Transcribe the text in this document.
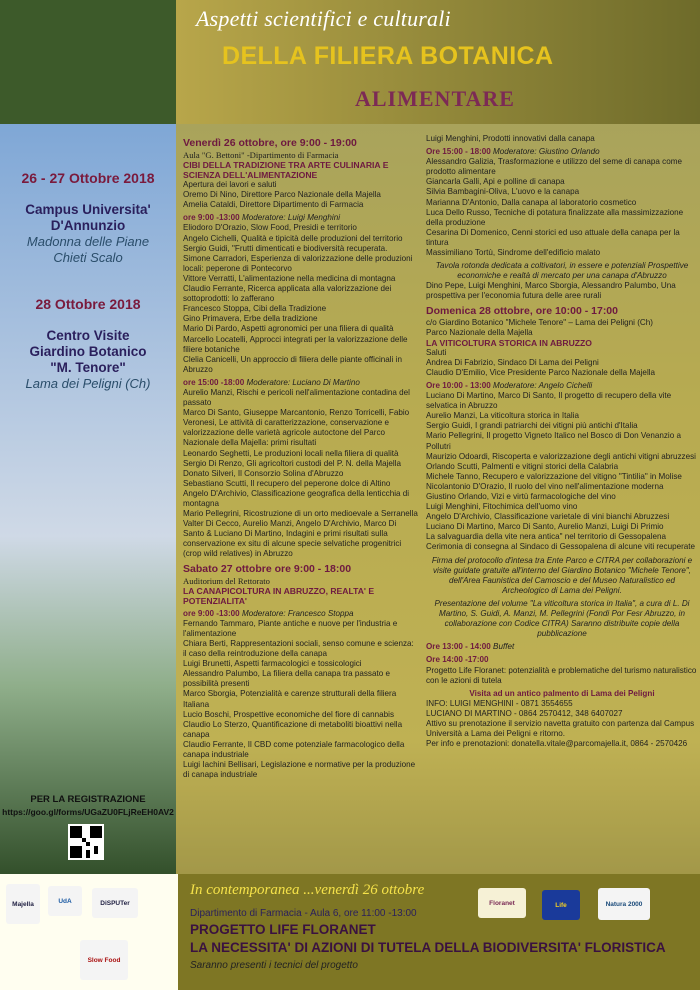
Aspetti scientifici e culturali
DELLA FILIERA BOTANICA
ALIMENTARE
26 - 27 Ottobre 2018
Campus Universita'
D'Annunzio
Madonna delle Piane
Chieti Scalo
28 Ottobre 2018
Centro Visite
Giardino Botanico
"M. Tenore"
Lama dei Peligni (Ch)
PER LA REGISTRAZIONE
https://goo.gl/forms/UGaZU0FLjReEH0AV2
Venerdì 26 ottobre, ore 9:00 - 19:00
Aula "G. Bettoni" -Dipartimento di Farmacia
CIBI DELLA TRADIZIONE TRA ARTE CULINARIA E SCIENZA DELL'ALIMENTAZIONE
Apertura dei lavori e saluti
Oremo Di Nino, Direttore Parco Nazionale della Majella
Amelia Cataldi, Direttore Dipartimento di Farmacia
ore 9:00 -13:00 Moderatore: Luigi Menghini
Eliodoro D'Orazio, Slow Food, Presidi e territorio
Angelo Cichelli, Qualità e tipicità delle produzioni del territorio
Sergio Guidi, "Frutti dimenticati e biodiversità recuperata.
Simone Carradori, Esperienza di valorizzazione delle produzioni locali: peperone di Pontecorvo
Vittore Verratti, L'alimentazione nella medicina di montagna
Claudio Ferrante, Ricerca applicata alla valorizzazione dei sottoprodotti: lo zafferano
Francesco Stoppa, Cibi della Tradizione
Gino Primavera, Erbe della tradizione
Mario Di Pardo, Aspetti agronomici per una filiera di qualità
Marcello Locatelli, Approcci integrati per la valorizzazione delle filiere botaniche
Clelia Canicelli, Un approccio di filiera delle piante officinali in Abruzzo
ore 15:00 -18:00 Moderatore: Luciano Di Martino
Aurelio Manzi, Rischi e pericoli nell'alimentazione contadina del passato
Marco Di Santo, Giuseppe Marcantonio, Renzo Torricelli, Fabio Veronesi, Le attività di caratterizzazione, conservazione e valorizzazione delle varietà agricole autoctone del Parco Nazionale della Majella: primi risultati
Leonardo Seghetti, Le produzioni locali nella filiera di qualità
Sergio Di Renzo, Gli agricoltori custodi del P. N. della Majella
Donato Silveri, Il Consorzio Solina d'Abruzzo
Sebastiano Scutti, Il recupero del peperone dolce di Altino
Angelo D'Archivio, Classificazione geografica della lenticchia di montagna
Mario Pellegrini, Ricostruzione di un orto medioevale a Serranella
Valter Di Cecco, Aurelio Manzi, Angelo D'Archivio, Marco Di Santo & Luciano Di Martino, Indagini e primi risultati sulla conservazione ex situ di alcune specie selvatiche progenitrici (crop wild relatives) in Abruzzo
Sabato 27 ottobre ore 9:00 - 18:00
Auditorium del Rettorato
LA CANAPICOLTURA IN ABRUZZO, REALTA' E POTENZIALITA'
ore 9:00 -13:00 Moderatore: Francesco Stoppa
Fernando Tammaro, Piante antiche e nuove per l'industria e l'alimentazione
Chiara Berti, Rappresentazioni sociali, senso comune e scienza: il caso della reintroduzione della canapa
Luigi Brunetti, Aspetti farmacologici e tossicologici
Alessandro Palumbo, La filiera della canapa tra passato e possibilità presenti
Marco Sborgia, Potenzialità e carenze strutturali della filiera Italiana
Lucio Boschi, Prospettive economiche del fiore di cannabis
Claudio Lo Sterzo, Quantificazione di metaboliti bioattivi nella canapa
Claudio Ferrante, Il CBD come potenziale farmacologico della canapa industriale
Luigi Iachini Bellisari, Legislazione e normative per la produzione di canapa industriale
Luigi Menghini, Prodotti innovativi dalla canapa
Ore 15:00 - 18:00 Moderatore: Giustino Orlando
Alessandro Galizia, Trasformazione e utilizzo del seme di canapa come prodotto alimentare
Giancarla Galli, Api e polline di canapa
Silvia Bambagini-Oliva, L'uovo e la canapa
Marianna D'Antonio, Dalla canapa al laboratorio cosmetico
Luca Dello Russo, Tecniche di potatura finalizzate alla massimizzazione della produzione
Cesarina Di Domenico, Cenni storici ed uso attuale della canapa per la tintura
Massimiliano Tortù, Sindrome dell'edificio malato
Tavola rotonda dedicata a coltivatori, in essere e potenziali Prospettive economiche e realtà di mercato per una canapa d'Abruzzo
Dino Pepe, Luigi Menghini, Marco Sborgia, Alessandro Palumbo, Una prospettiva per l'economia futura delle aree rurali
Domenica 28 ottobre, ore 10:00 - 17:00
c/o Giardino Botanico "Michele Tenore" – Lama dei Peligni (Ch)
Parco Nazionale della Majella
LA VITICOLTURA STORICA IN ABRUZZO
Saluti
Andrea Di Fabrizio, Sindaco Di Lama dei Peligni
Claudio D'Emilio, Vice Presidente Parco Nazionale della Majella
Ore 10:00 - 13:00 Moderatore: Angelo Cichelli
Luciano Di Martino, Marco Di Santo, Il progetto di recupero della vite selvatica in Abruzzo
Aurelio Manzi, La viticoltura storica in Italia
Sergio Guidi, I grandi patriarchi dei vitigni più antichi d'Italia
Mario Pellegrini, Il progetto Vigneto Italico nel Bosco di Don Venanzio a Pollutri
Maurizio Odoardi, Riscoperta e valorizzazione degli antichi vitigni abruzzesi
Orlando Scutti, Palmenti e vitigni storici della Calabria
Michele Tanno, Recupero e valorizzazione del vitigno "Tintilia" in Molise
Nicolantonio D'Orazio, Il ruolo del vino nell'alimentazione moderna
Giustino Orlando, Vizi e virtù farmacologiche del vino
Luigi Menghini, Fitochimica dell'uomo vino
Angelo D'Archivio, Classificazione varietale di vini bianchi Abruzzesi
Luciano Di Martino, Marco Di Santo, Aurelio Manzi, Luigi Di Primio
La salvaguardia della vite nera antica" nel territorio di Gessopalena Cerimonia di consegna al Sindaco di Gessopalena di alcune viti recuperate
Firma del protocollo d'intesa tra Ente Parco e CITRA per collaborazioni e visite guidate gratuite all'interno del Giardino Botanico "Michele Tenore", dell'Area Faunistica del Camoscio e del Museo Naturalistico ed Archeologico di Lama dei Peligni.
Presentazione del volume "La viticoltura storica in Italia", a cura di L. Di Martino, S. Guidi, A. Manzi, M. Pellegrini (Fondi Por Fesr Abruzzo, in collaborazione con Codice CITRA) Saranno distribuite copie della pubblicazione
Ore 13:00 - 14:00 Buffet
Ore 14:00 -17:00
Progetto Life Floranet: potenzialità e problematiche del turismo naturalistico con le azioni di tutela
Visita ad un antico palmento di Lama dei Peligni
INFO: LUIGI MENGHINI - 0871 3554655
LUCIANO DI MARTINO - 0864 2570412, 348 6407027
Attivo su prenotazione il servizio navetta gratuito con partenza dal Campus Università a Lama dei Peligni e ritorno.
Per info e prenotazioni: donatella.vitale@parcomajella.it, 0864 - 2570426
In contemporanea ...venerdì 26 ottobre
Dipartimento di Farmacia - Aula 6, ore 11:00 -13:00
PROGETTO LIFE FLORANET
LA NECESSITA' DI AZIONI DI TUTELA DELLA BIODIVERSITA' FLORISTICA
Saranno presenti i tecnici del progetto
Majella	UdA	DiSPUTer
Slow Food
Floranet	Life	Natura 2000
